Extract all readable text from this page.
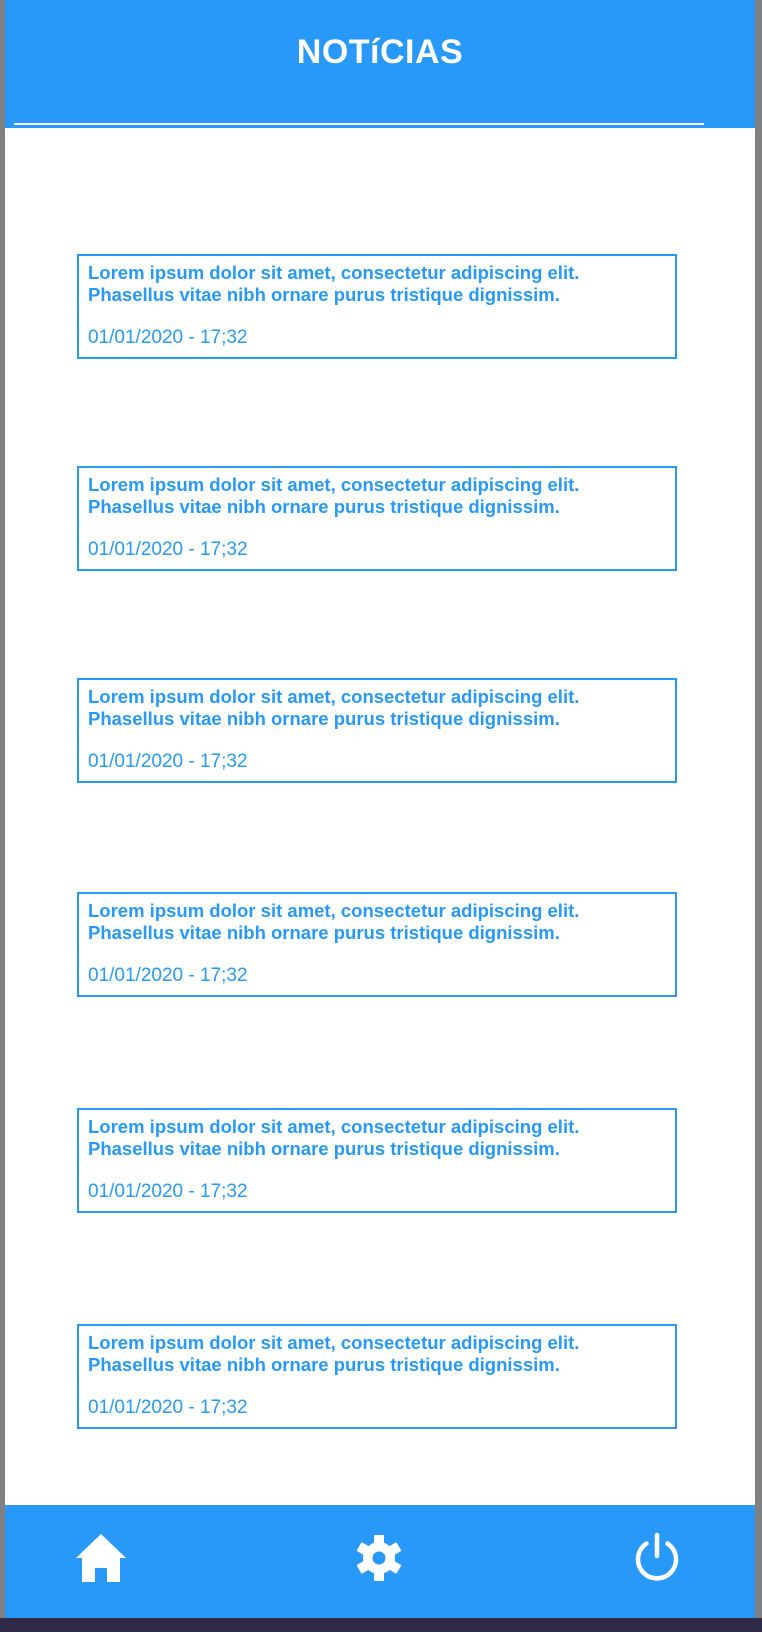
NOTíCIAS
Lorem ipsum dolor sit amet, consectetur adipiscing elit. Phasellus vitae nibh ornare purus tristique dignissim.
01/01/2020 - 17;32
Lorem ipsum dolor sit amet, consectetur adipiscing elit. Phasellus vitae nibh ornare purus tristique dignissim.
01/01/2020 - 17;32
Lorem ipsum dolor sit amet, consectetur adipiscing elit. Phasellus vitae nibh ornare purus tristique dignissim.
01/01/2020 - 17;32
Lorem ipsum dolor sit amet, consectetur adipiscing elit. Phasellus vitae nibh ornare purus tristique dignissim.
01/01/2020 - 17;32
Lorem ipsum dolor sit amet, consectetur adipiscing elit. Phasellus vitae nibh ornare purus tristique dignissim.
01/01/2020 - 17;32
Lorem ipsum dolor sit amet, consectetur adipiscing elit. Phasellus vitae nibh ornare purus tristique dignissim.
01/01/2020 - 17;32
